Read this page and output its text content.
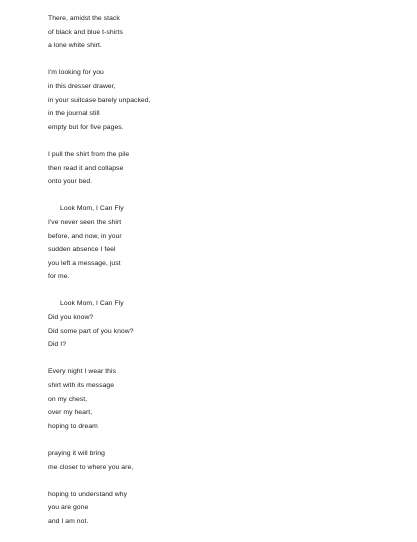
There, amidst the stack
of black and blue t-shirts
a lone white shirt.
I'm looking for you
in this dresser drawer,
in your suitcase barely unpacked,
in the journal still
empty but for five pages.
I pull the shirt from the pile
then read it and collapse
onto your bed.
Look Mom, I Can Fly
I've never seen the shirt
before, and now, in your
sudden absence I feel
you left a message, just
for me.
Look Mom, I Can Fly
Did you know?
Did some part of you know?
Did I?
Every night I wear this
shirt with its message
on my chest,
over my heart,
hoping to dream
praying it will bring
me closer to where you are,
hoping to understand why
you are gone
and I am not.
